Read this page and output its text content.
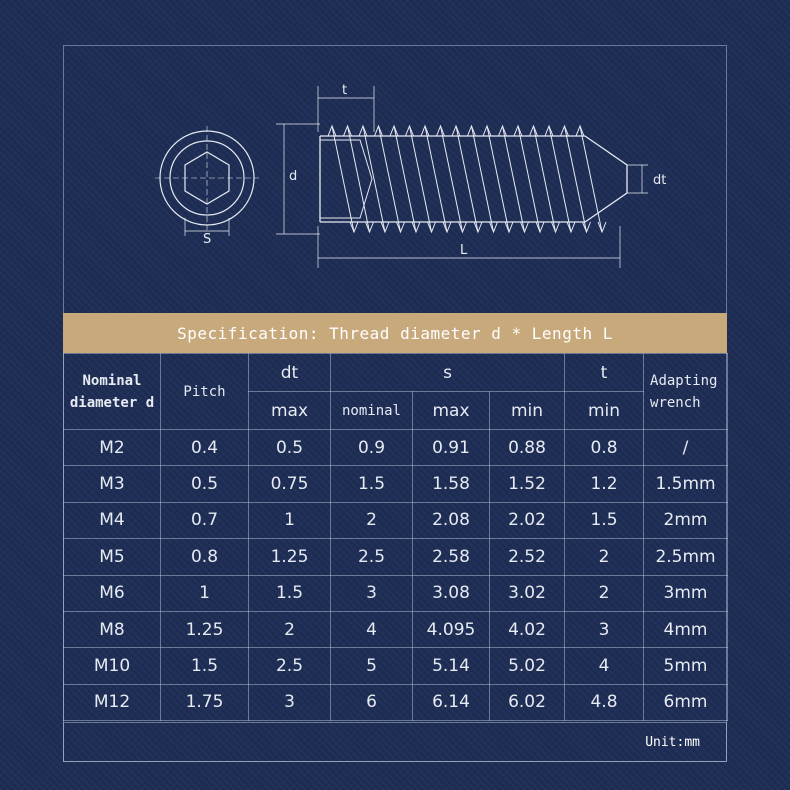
t
d	dt
S
L
Specification: Thread diameter d * Length L
Nominal diameter d	Pitch	dt	s			t	Adapting wrench
		max	nominal	max	min	min	
M2	0.4	0.5	0.9	0.91	0.88	0.8	/
M3	0.5	0.75	1.5	1.58	1.52	1.2	1.5mm
M4	0.7	1	2	2.08	2.02	1.5	2mm
M5	0.8	1.25	2.5	2.58	2.52	2	2.5mm
M6	1	1.5	3	3.08	3.02	2	3mm
M8	1.25	2	4	4.095	4.02	3	4mm
M10	1.5	2.5	5	5.14	5.02	4	5mm
M12	1.75	3	6	6.14	6.02	4.8	6mm
Unit:mm
